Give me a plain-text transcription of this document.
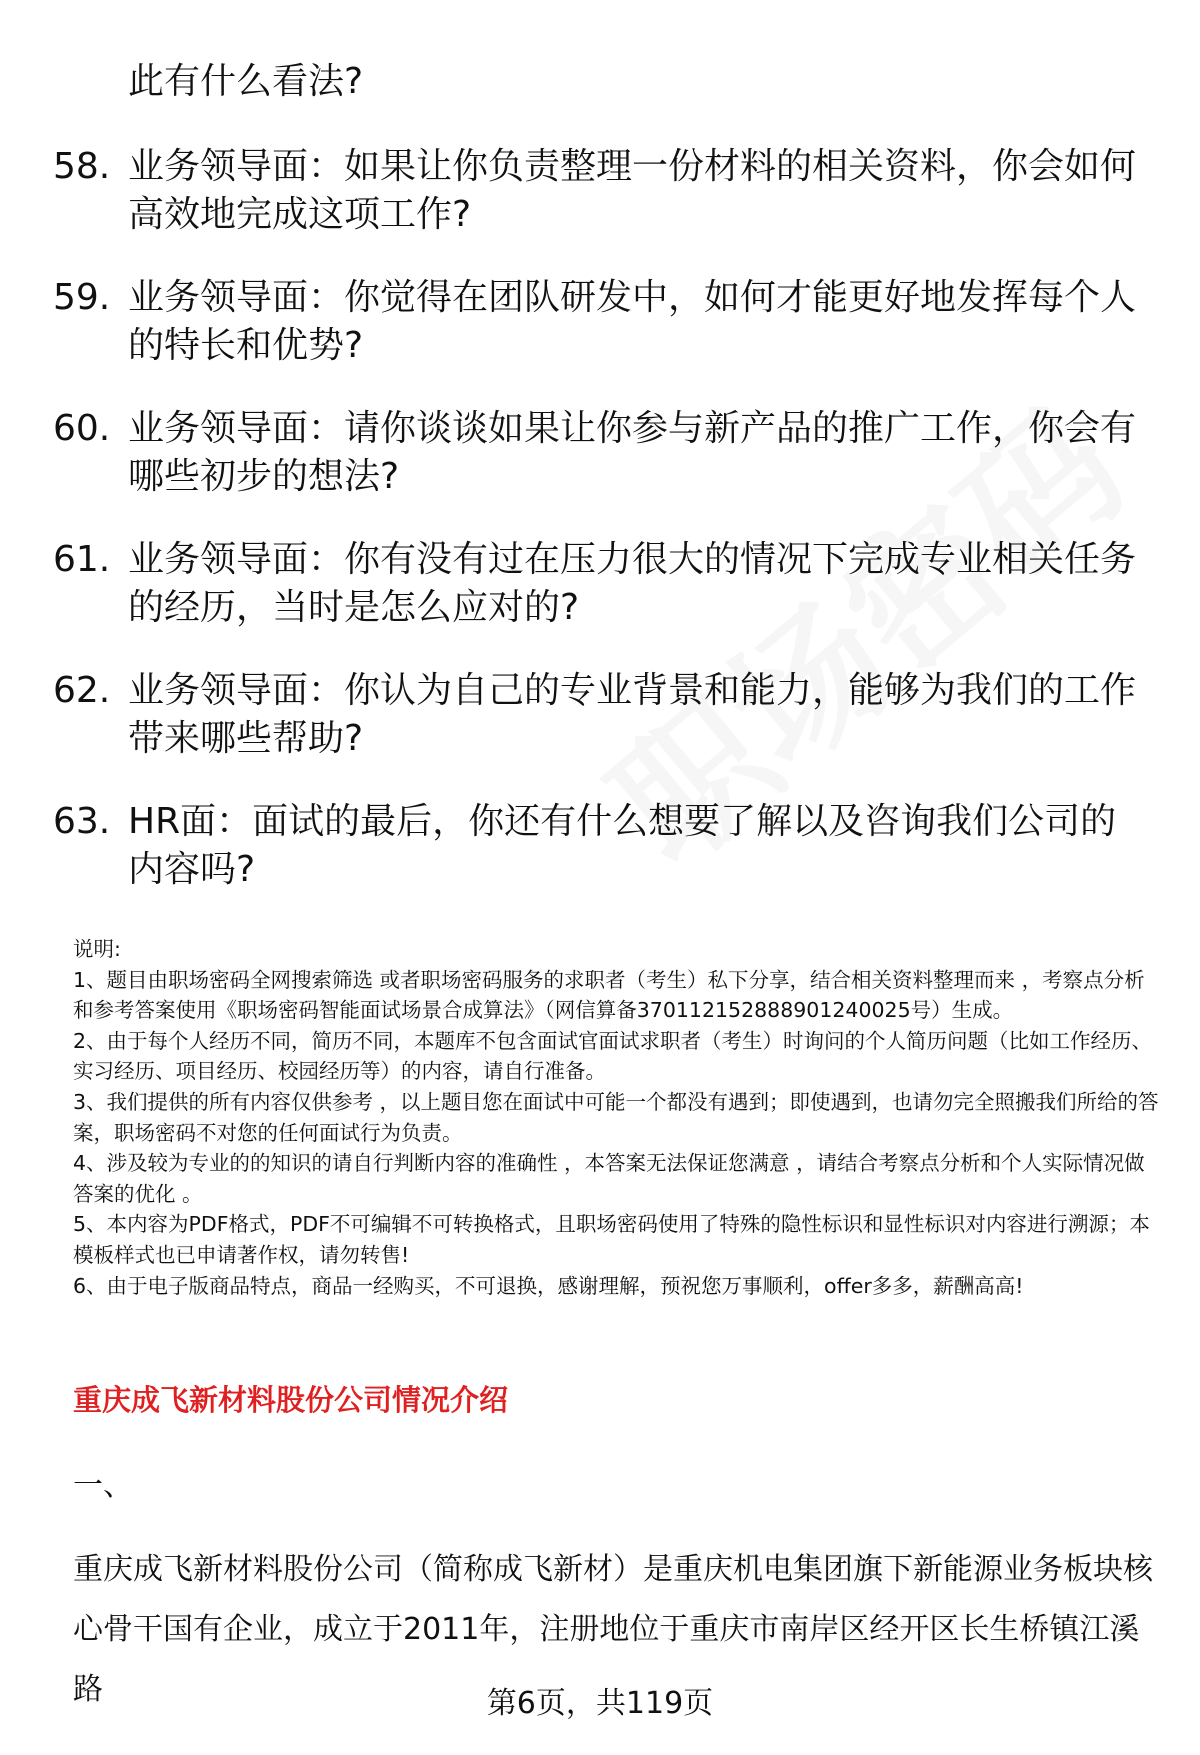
此有什么看法?
58. 业务领导面：如果让你负责整理一份材料的相关资料，你会如何高效地完成这项工作?
59. 业务领导面：你觉得在团队研发中，如何才能更好地发挥每个人的特长和优势?
60. 业务领导面：请你谈谈如果让你参与新产品的推广工作，你会有哪些初步的想法?
61. 业务领导面：你有没有过在压力很大的情况下完成专业相关任务的经历，当时是怎么应对的?
62. 业务领导面：你认为自己的专业背景和能力，能够为我们的工作带来哪些帮助?
63. HR面：面试的最后，你还有什么想要了解以及咨询我们公司的内容吗?
说明:
1、题目由职场密码全网搜索筛选 或者职场密码服务的求职者（考生）私下分享，结合相关资料整理而来 ，考察点分析和参考答案使用《职场密码智能面试场景合成算法》（网信算备370112152888901240025号）生成。
2、由于每个人经历不同，简历不同，本题库不包含面试官面试求职者（考生）时询问的个人简历问题（比如工作经历、实习经历、项目经历、校园经历等）的内容，请自行准备。
3、我们提供的所有内容仅供参考 ，以上题目您在面试中可能一个都没有遇到；即使遇到，也请勿完全照搬我们所给的答案，职场密码不对您的任何面试行为负责。
4、涉及较为专业的的知识的请自行判断内容的准确性 ，本答案无法保证您满意 ，请结合考察点分析和个人实际情况做答案的优化 。
5、本内容为PDF格式，PDF不可编辑不可转换格式，且职场密码使用了特殊的隐性标识和显性标识对内容进行溯源；本模板样式也已申请著作权，请勿转售!
6、由于电子版商品特点，商品一经购买，不可退换，感谢理解，预祝您万事顺利，offer多多，薪酬高高!
重庆成飞新材料股份公司情况介绍
一、
重庆成飞新材料股份公司（简称成飞新材）是重庆机电集团旗下新能源业务板块核心骨干国有企业，成立于2011年，注册地位于重庆市南岸区经开区长生桥镇江溪路	第6页，共119页
